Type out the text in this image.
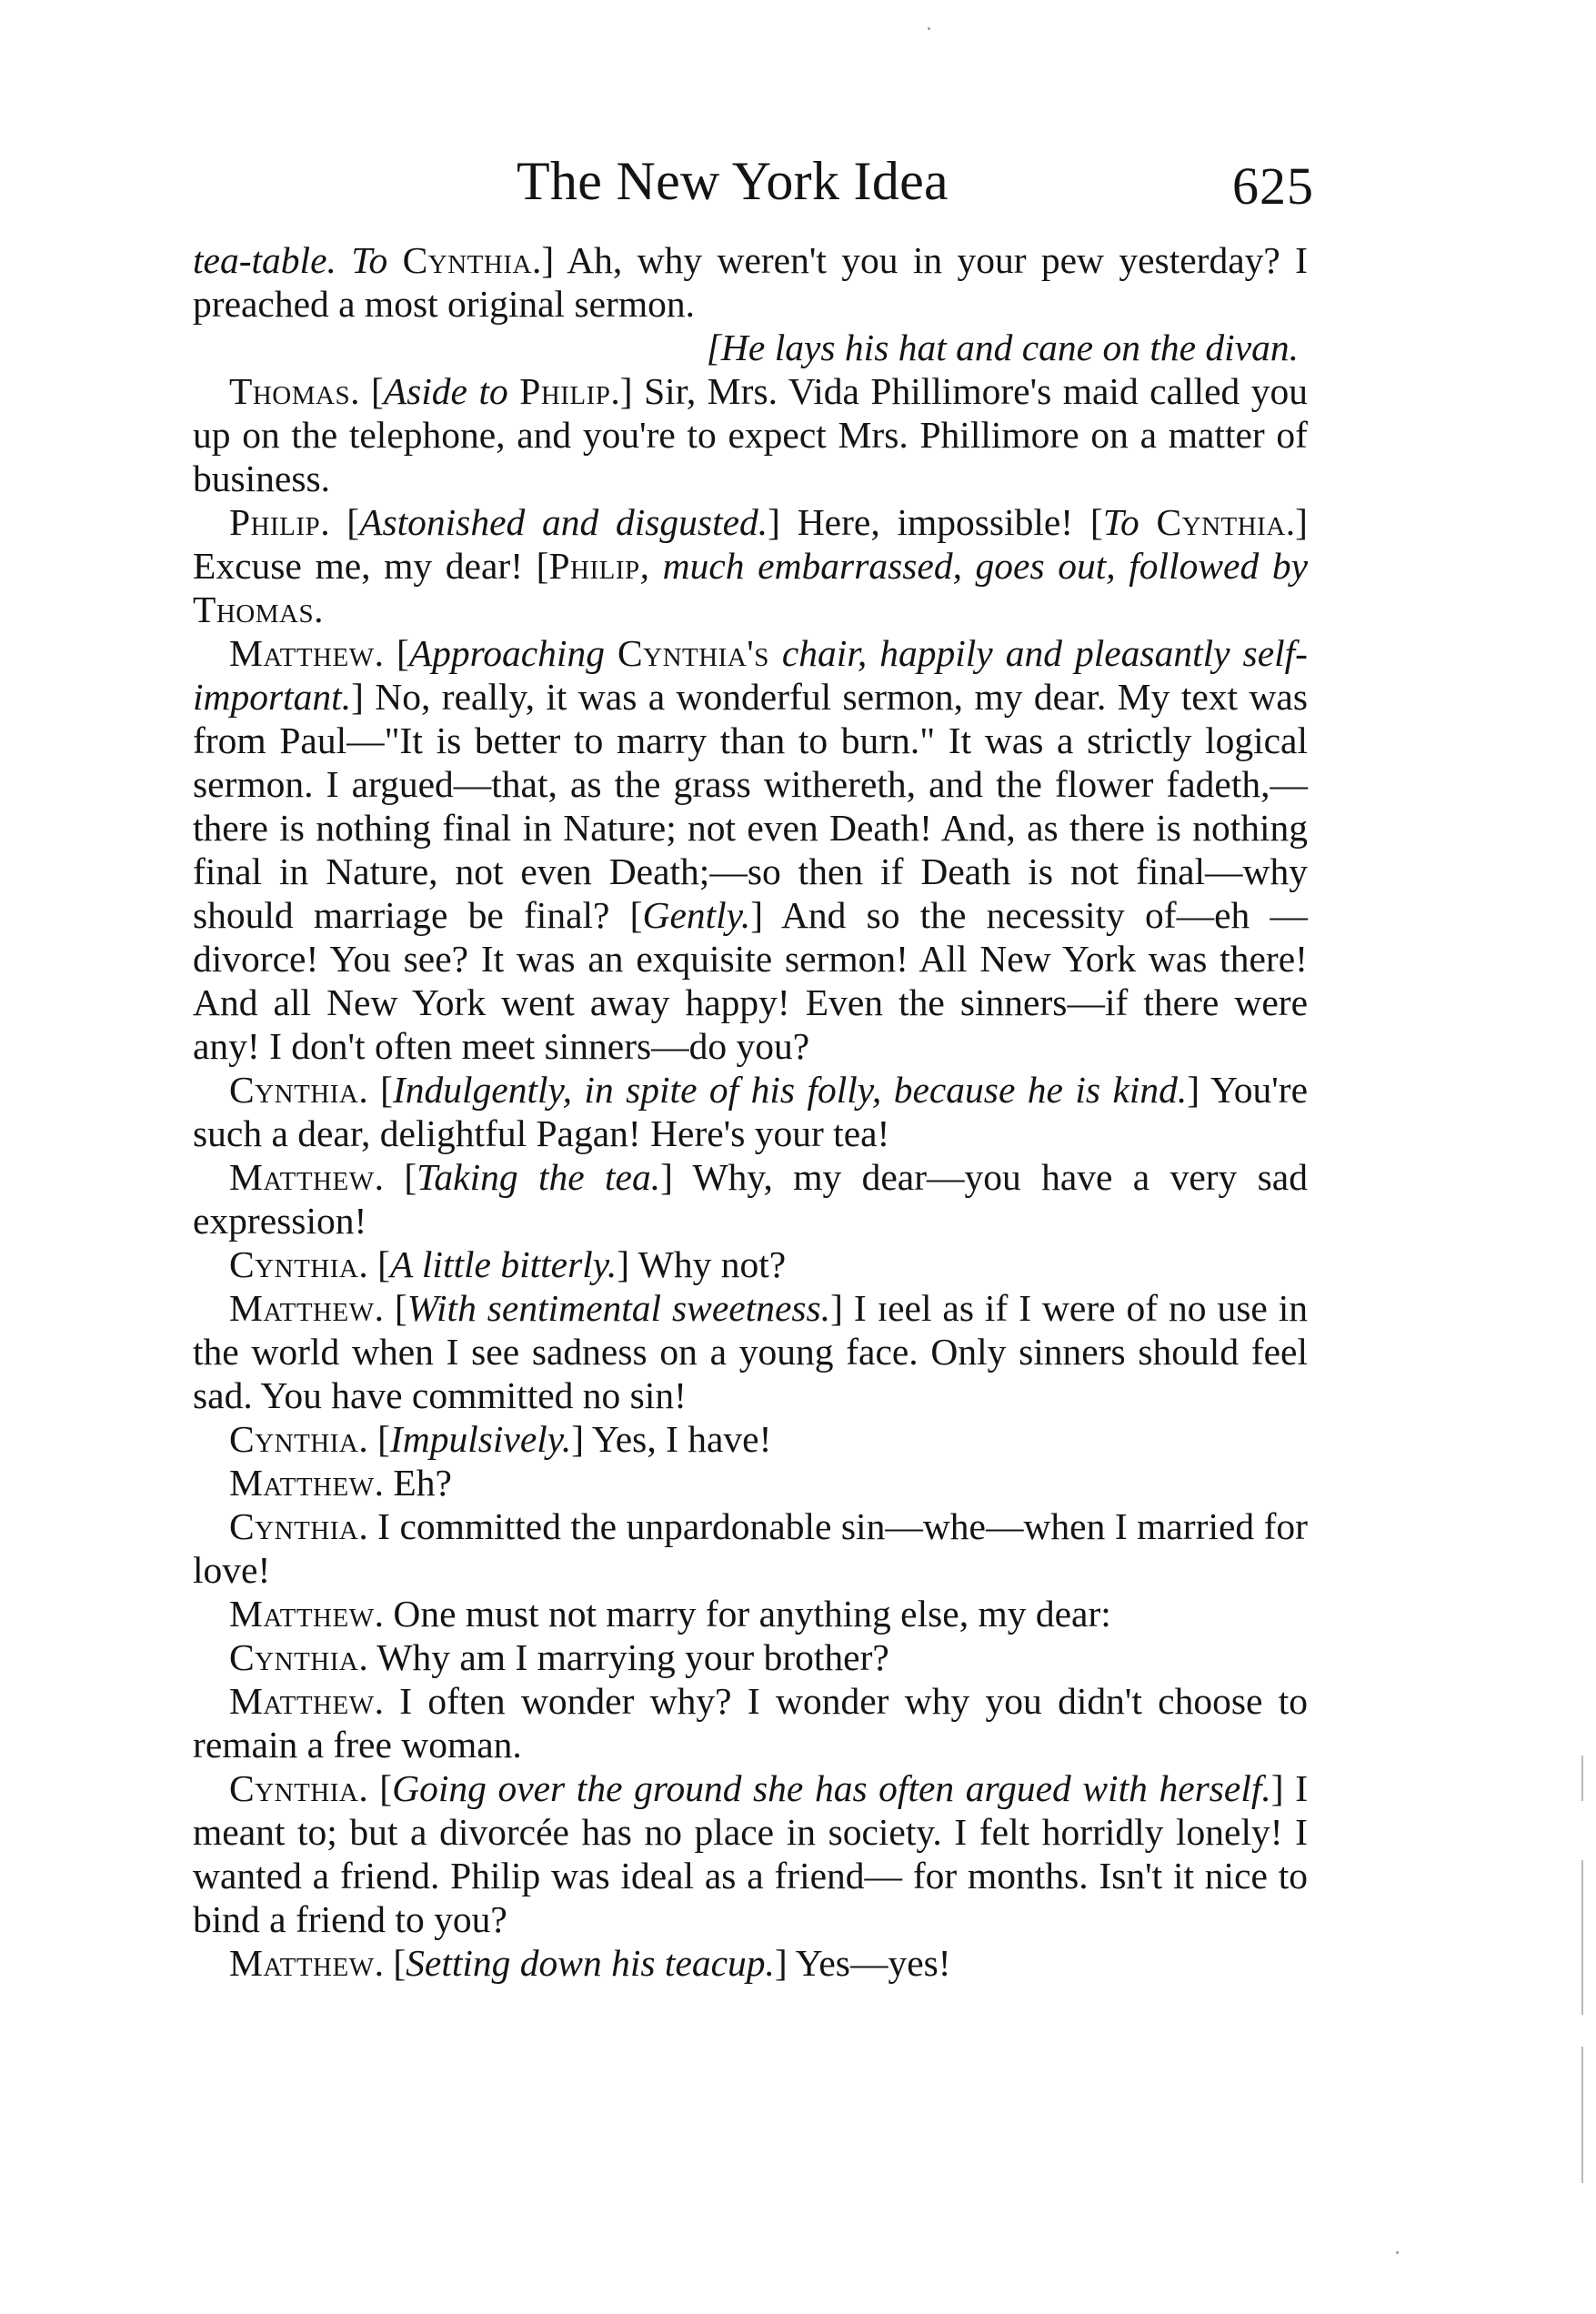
The New York Idea	625

tea-table. To Cynthia.] Ah, why weren't you in your pew yesterday? I preached a most original sermon.

[He lays his hat and cane on the divan.

Thomas. [Aside to Philip.] Sir, Mrs. Vida Phillimore's maid called you up on the telephone, and you're to expect Mrs. Phillimore on a matter of business.

Philip. [Astonished and disgusted.] Here, impossible! [To Cynthia.] Excuse me, my dear! [Philip, much embarrassed, goes out, followed by Thomas.

Matthew. [Approaching Cynthia's chair, happily and pleasantly self-important.] No, really, it was a wonderful sermon, my dear. My text was from Paul—"It is better to marry than to burn." It was a strictly logical sermon. I argued—that, as the grass withereth, and the flower fadeth,—there is nothing final in Nature; not even Death! And, as there is nothing final in Nature, not even Death;—so then if Death is not final—why should marriage be final? [Gently.] And so the necessity of—eh —divorce! You see? It was an exquisite sermon! All New York was there! And all New York went away happy! Even the sinners—if there were any! I don't often meet sinners—do you?

Cynthia. [Indulgently, in spite of his folly, because he is kind.] You're such a dear, delightful Pagan! Here's your tea!

Matthew. [Taking the tea.] Why, my dear—you have a very sad expression!

Cynthia. [A little bitterly.] Why not?

Matthew. [With sentimental sweetness.] I ɪeel as if I were of no use in the world when I see sadness on a young face. Only sinners should feel sad. You have committed no sin!

Cynthia. [Impulsively.] Yes, I have!

Matthew. Eh?

Cynthia. I committed the unpardonable sin—whe—when I married for love!

Matthew. One must not marry for anything else, my dear:

Cynthia. Why am I marrying your brother?

Matthew. I often wonder why? I wonder why you didn't choose to remain a free woman.

Cynthia. [Going over the ground she has often argued with herself.] I meant to; but a divorcée has no place in society. I felt horridly lonely! I wanted a friend. Philip was ideal as a friend— for months. Isn't it nice to bind a friend to you?

Matthew. [Setting down his teacup.] Yes—yes!
